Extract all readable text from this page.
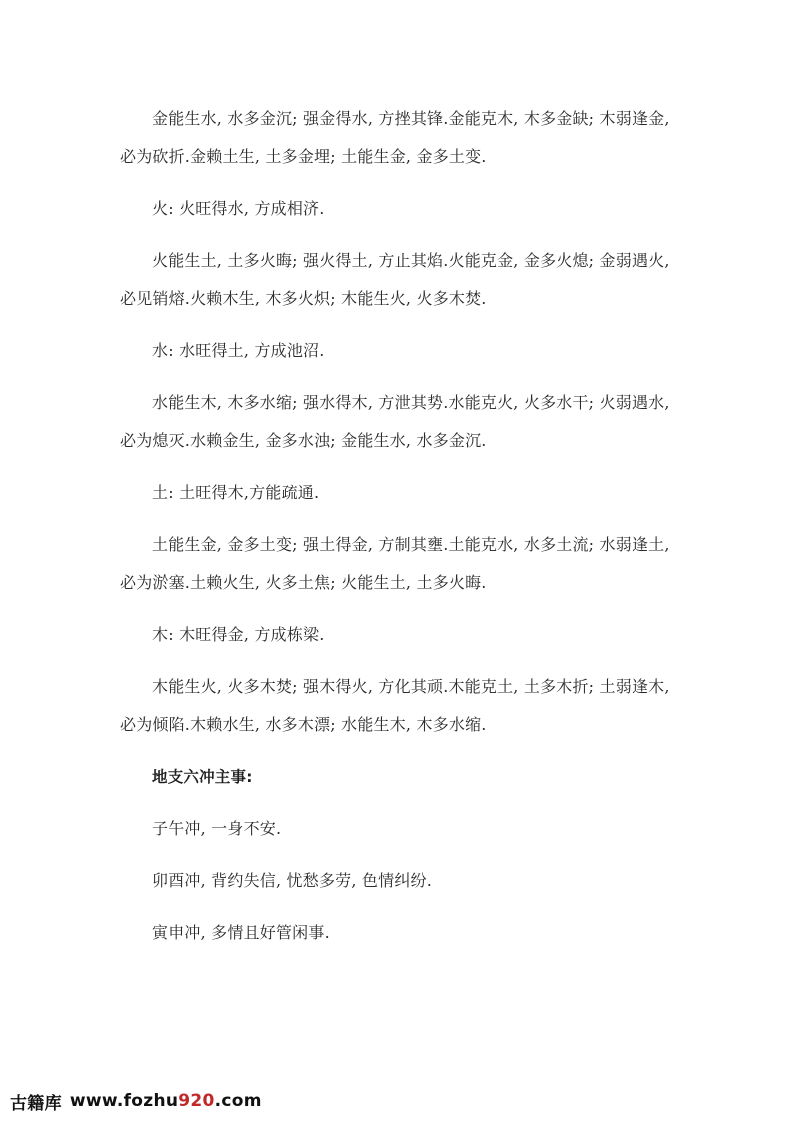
金能生水, 水多金沉; 强金得水, 方挫其锋.金能克木, 木多金缺; 木弱逢金, 必为砍折.金赖土生, 土多金埋; 土能生金, 金多土变.

火: 火旺得水, 方成相济.

火能生土, 土多火晦; 强火得土, 方止其焰.火能克金, 金多火熄; 金弱遇火, 必见销熔.火赖木生, 木多火炽; 木能生火, 火多木焚.

水: 水旺得土, 方成池沼.

水能生木, 木多水缩; 强水得木, 方泄其势.水能克火, 火多水干; 火弱遇水, 必为熄灭.水赖金生, 金多水浊; 金能生水, 水多金沉.

土: 土旺得木,方能疏通.

土能生金, 金多土变; 强土得金, 方制其壅.土能克水, 水多土流; 水弱逢土, 必为淤塞.土赖火生, 火多土焦; 火能生土, 土多火晦.

木: 木旺得金, 方成栋梁.

木能生火, 火多木焚; 强木得火, 方化其顽.木能克土, 土多木折; 土弱逢木, 必为倾陷.木赖水生, 水多木漂; 水能生木, 木多水缩.

地支六冲主事:

子午冲, 一身不安.

卯酉冲, 背约失信, 忧愁多劳, 色情纠纷.

寅申冲, 多情且好管闲事.

古籍库 www.fozhu 920 .com
